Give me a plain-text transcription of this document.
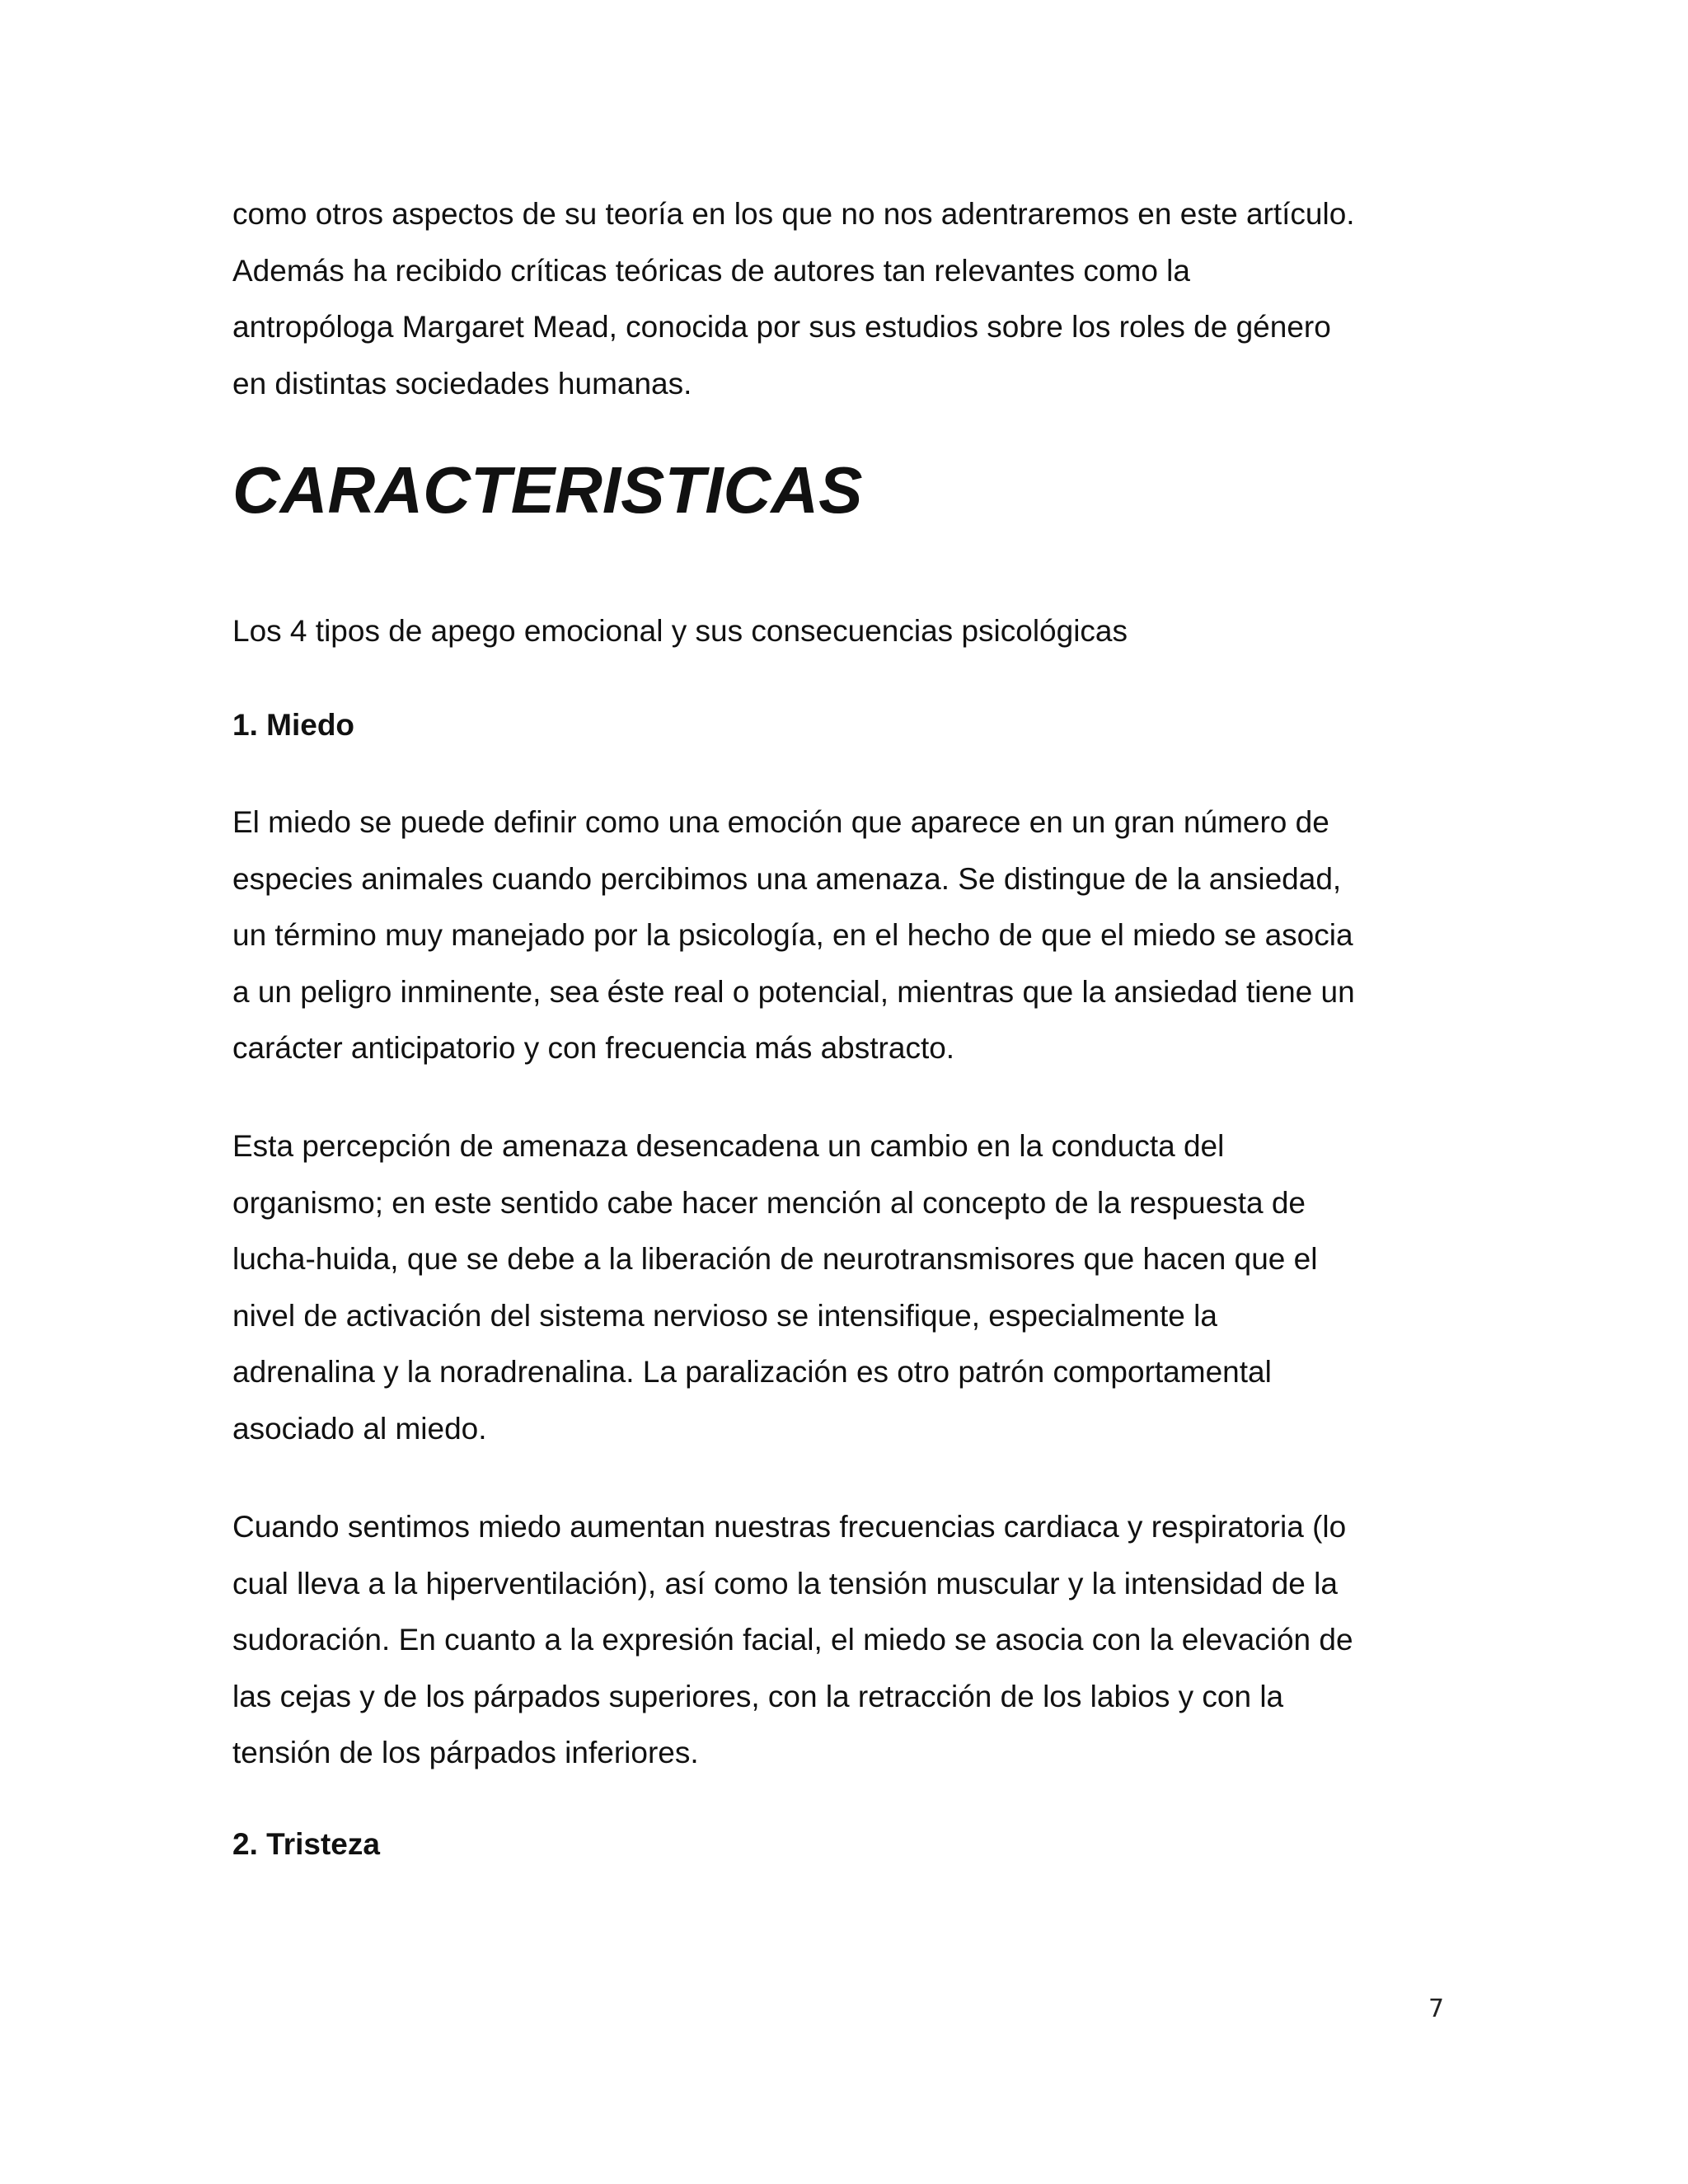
como otros aspectos de su teoría en los que no nos adentraremos en este artículo.
Además ha recibido críticas teóricas de autores tan relevantes como la
antropóloga Margaret Mead, conocida por sus estudios sobre los roles de género
en distintas sociedades humanas.

CARACTERISTICAS

Los 4 tipos de apego emocional y sus consecuencias psicológicas

1. Miedo

El miedo se puede definir como una emoción que aparece en un gran número de
especies animales cuando percibimos una amenaza. Se distingue de la ansiedad,
un término muy manejado por la psicología, en el hecho de que el miedo se asocia
a un peligro inminente, sea éste real o potencial, mientras que la ansiedad tiene un
carácter anticipatorio y con frecuencia más abstracto.

Esta percepción de amenaza desencadena un cambio en la conducta del
organismo; en este sentido cabe hacer mención al concepto de la respuesta de
lucha-huida, que se debe a la liberación de neurotransmisores que hacen que el
nivel de activación del sistema nervioso se intensifique, especialmente la
adrenalina y la noradrenalina. La paralización es otro patrón comportamental
asociado al miedo.

Cuando sentimos miedo aumentan nuestras frecuencias cardiaca y respiratoria (lo
cual lleva a la hiperventilación), así como la tensión muscular y la intensidad de la
sudoración. En cuanto a la expresión facial, el miedo se asocia con la elevación de
las cejas y de los párpados superiores, con la retracción de los labios y con la
tensión de los párpados inferiores.

2. Tristeza
7
